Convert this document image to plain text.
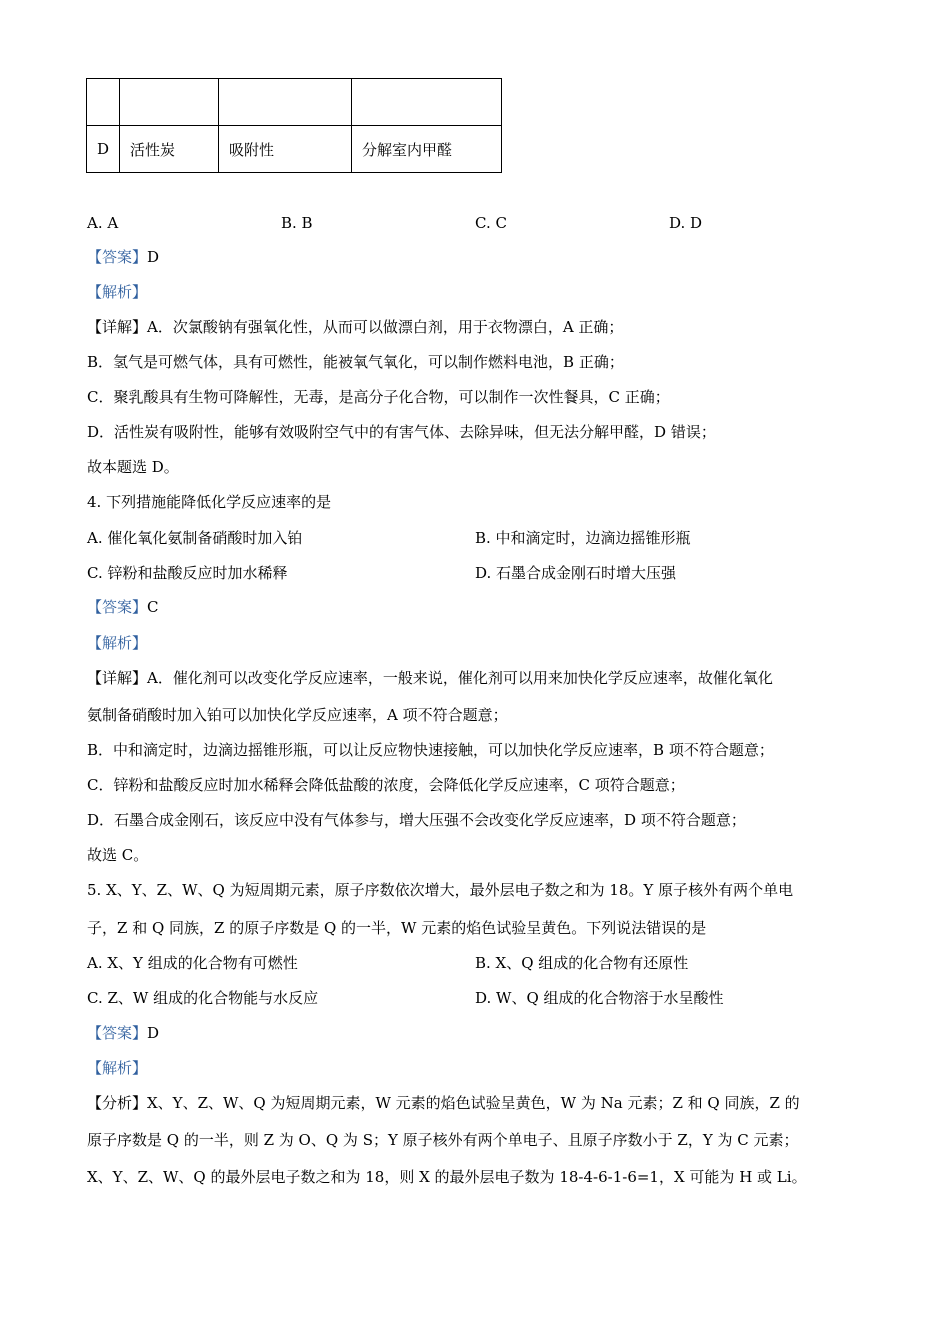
D	活性炭	吸附性	分解室内甲醛
A. A	B. B	C. C	D. D
【答案】D
【解析】
【详解】A．次氯酸钠有强氧化性，从而可以做漂白剂，用于衣物漂白，A 正确；
B．氢气是可燃气体，具有可燃性，能被氧气氧化，可以制作燃料电池，B 正确；
C．聚乳酸具有生物可降解性，无毒，是高分子化合物，可以制作一次性餐具，C 正确；
D．活性炭有吸附性，能够有效吸附空气中的有害气体、去除异味，但无法分解甲醛，D 错误；
故本题选 D。
4. 下列措施能降低化学反应速率的是
A. 催化氧化氨制备硝酸时加入铂	B. 中和滴定时，边滴边摇锥形瓶
C. 锌粉和盐酸反应时加水稀释	D. 石墨合成金刚石时增大压强
【答案】C
【解析】
【详解】A．催化剂可以改变化学反应速率，一般来说，催化剂可以用来加快化学反应速率，故催化氧化
氨制备硝酸时加入铂可以加快化学反应速率，A 项不符合题意；
B．中和滴定时，边滴边摇锥形瓶，可以让反应物快速接触，可以加快化学反应速率，B 项不符合题意；
C．锌粉和盐酸反应时加水稀释会降低盐酸的浓度，会降低化学反应速率，C 项符合题意；
D．石墨合成金刚石，该反应中没有气体参与，增大压强不会改变化学反应速率，D 项不符合题意；
故选 C。
5. X、Y、Z、W、Q 为短周期元素，原子序数依次增大，最外层电子数之和为 18。Y 原子核外有两个单电
子，Z 和 Q 同族，Z 的原子序数是 Q 的一半，W 元素的焰色试验呈黄色。下列说法错误的是
A. X、Y 组成的化合物有可燃性	B. X、Q 组成的化合物有还原性
C. Z、W 组成的化合物能与水反应	D. W、Q 组成的化合物溶于水呈酸性
【答案】D
【解析】
【分析】X、Y、Z、W、Q 为短周期元素，W 元素的焰色试验呈黄色，W 为 Na 元素；Z 和 Q 同族，Z 的
原子序数是 Q 的一半，则 Z 为 O、Q 为 S；Y 原子核外有两个单电子、且原子序数小于 Z，Y 为 C 元素；
X、Y、Z、W、Q 的最外层电子数之和为 18，则 X 的最外层电子数为 18-4-6-1-6=1，X 可能为 H 或 Li。
